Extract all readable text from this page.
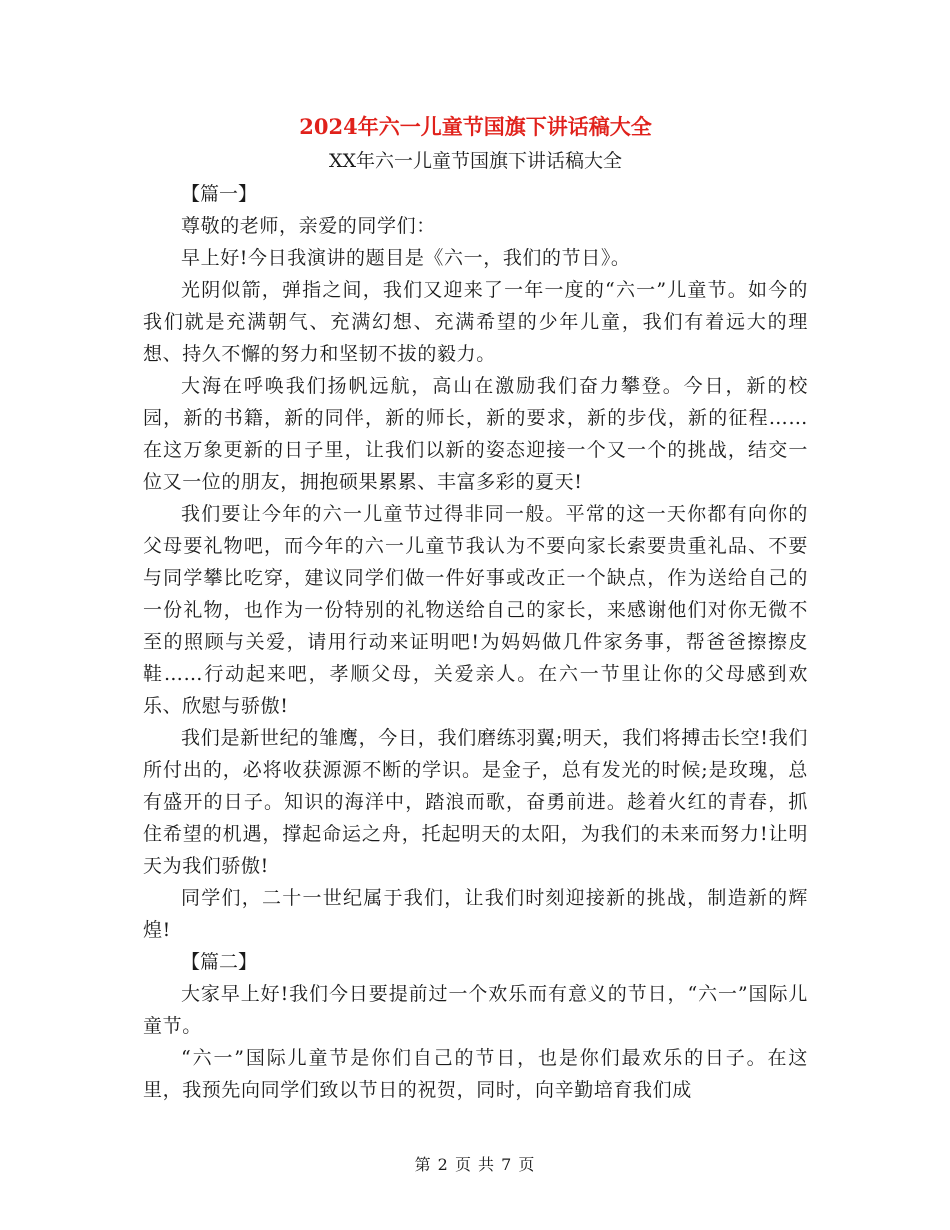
2024年六一儿童节国旗下讲话稿大全
XX年六一儿童节国旗下讲话稿大全
【篇一】

尊敬的老师，亲爱的同学们：

早上好!今日我演讲的题目是《六一，我们的节日》。

光阴似箭，弹指之间，我们又迎来了一年一度的“六一”儿童节。如今的我们就是充满朝气、充满幻想、充满希望的少年儿童，我们有着远大的理想、持久不懈的努力和坚韧不拔的毅力。

大海在呼唤我们扬帆远航，高山在激励我们奋力攀登。今日，新的校园，新的书籍，新的同伴，新的师长，新的要求，新的步伐，新的征程……在这万象更新的日子里，让我们以新的姿态迎接一个又一个的挑战，结交一位又一位的朋友，拥抱硕果累累、丰富多彩的夏天!

我们要让今年的六一儿童节过得非同一般。平常的这一天你都有向你的父母要礼物吧，而今年的六一儿童节我认为不要向家长索要贵重礼品、不要与同学攀比吃穿，建议同学们做一件好事或改正一个缺点，作为送给自己的一份礼物，也作为一份特别的礼物送给自己的家长，来感谢他们对你无微不至的照顾与关爱，请用行动来证明吧!为妈妈做几件家务事，帮爸爸擦擦皮鞋……行动起来吧，孝顺父母，关爱亲人。在六一节里让你的父母感到欢乐、欣慰与骄傲!

我们是新世纪的雏鹰，今日，我们磨练羽翼;明天，我们将搏击长空!我们所付出的，必将收获源源不断的学识。是金子，总有发光的时候;是玫瑰，总有盛开的日子。知识的海洋中，踏浪而歌，奋勇前进。趁着火红的青春，抓住希望的机遇，撑起命运之舟，托起明天的太阳，为我们的未来而努力!让明天为我们骄傲!

同学们，二十一世纪属于我们，让我们时刻迎接新的挑战，制造新的辉煌!

【篇二】

大家早上好!我们今日要提前过一个欢乐而有意义的节日，“六一”国际儿童节。

“六一”国际儿童节是你们自己的节日，也是你们最欢乐的日子。在这里，我预先向同学们致以节日的祝贺，同时，向辛勤培育我们成

第 2 页 共 7 页
